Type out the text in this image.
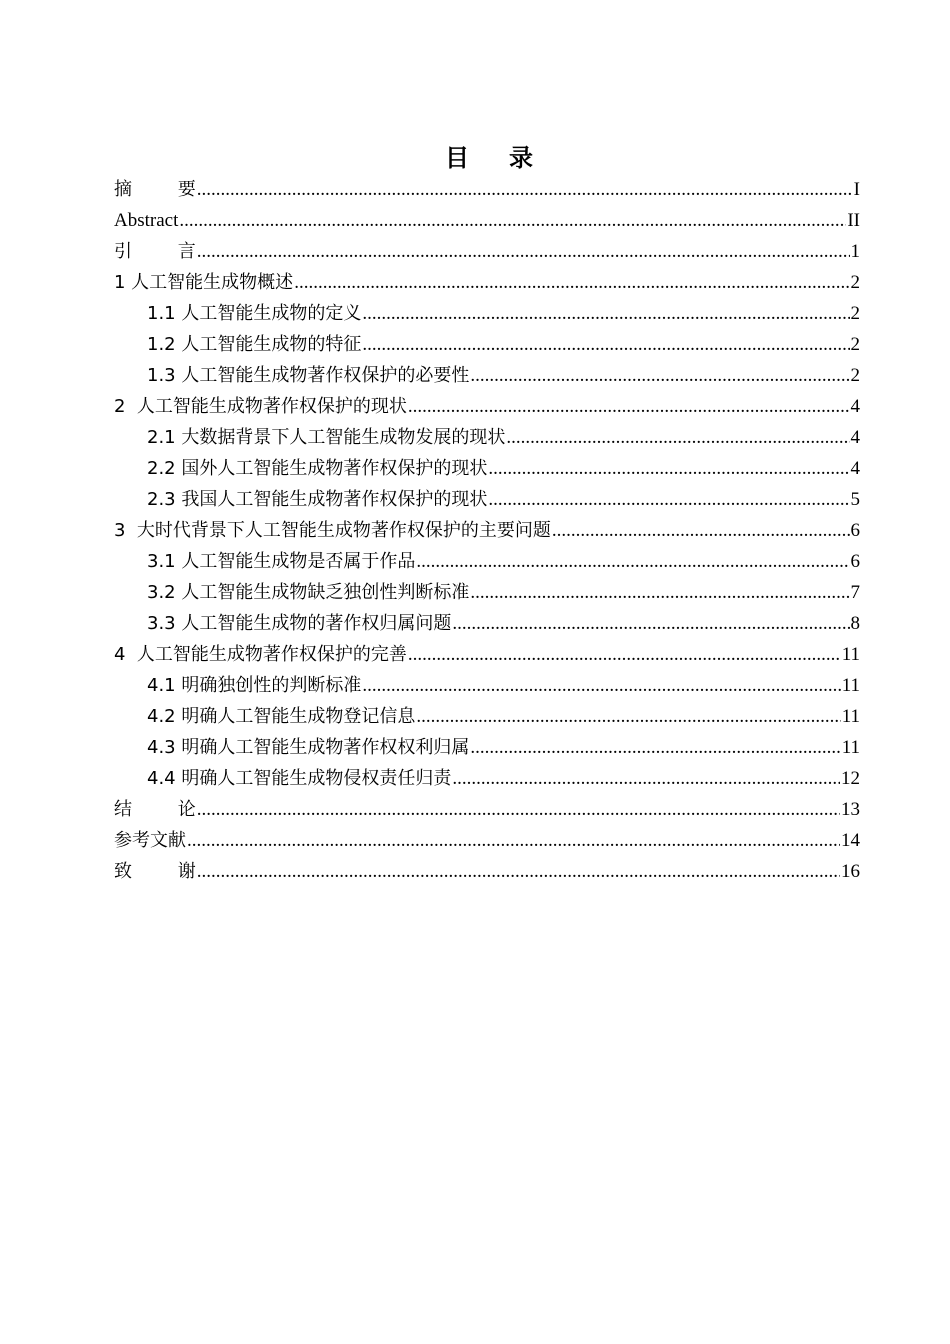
目 录
摘        要 .....	I
Abstract .....	II
引        言 .....	1
1 人工智能生成物概述 .....	2
1.1 人工智能生成物的定义 .....	2
1.2 人工智能生成物的特征 .....	2
1.3 人工智能生成物著作权保护的必要性 .....	2
2  人工智能生成物著作权保护的现状 .....	4
2.1 大数据背景下人工智能生成物发展的现状 .....	4
2.2 国外人工智能生成物著作权保护的现状 .....	4
2.3 我国人工智能生成物著作权保护的现状 .....	5
3  大时代背景下人工智能生成物著作权保护的主要问题 .....	6
3.1 人工智能生成物是否属于作品 .....	6
3.2 人工智能生成物缺乏独创性判断标准 .....	7
3.3 人工智能生成物的著作权归属问题 .....	8
4  人工智能生成物著作权保护的完善 .....	11
4.1 明确独创性的判断标准 .....	11
4.2 明确人工智能生成物登记信息 .....	11
4.3 明确人工智能生成物著作权权利归属 .....	11
4.4 明确人工智能生成物侵权责任归责 .....	12
结        论 .....	13
参考文献 .....	14
致        谢 .....	16
